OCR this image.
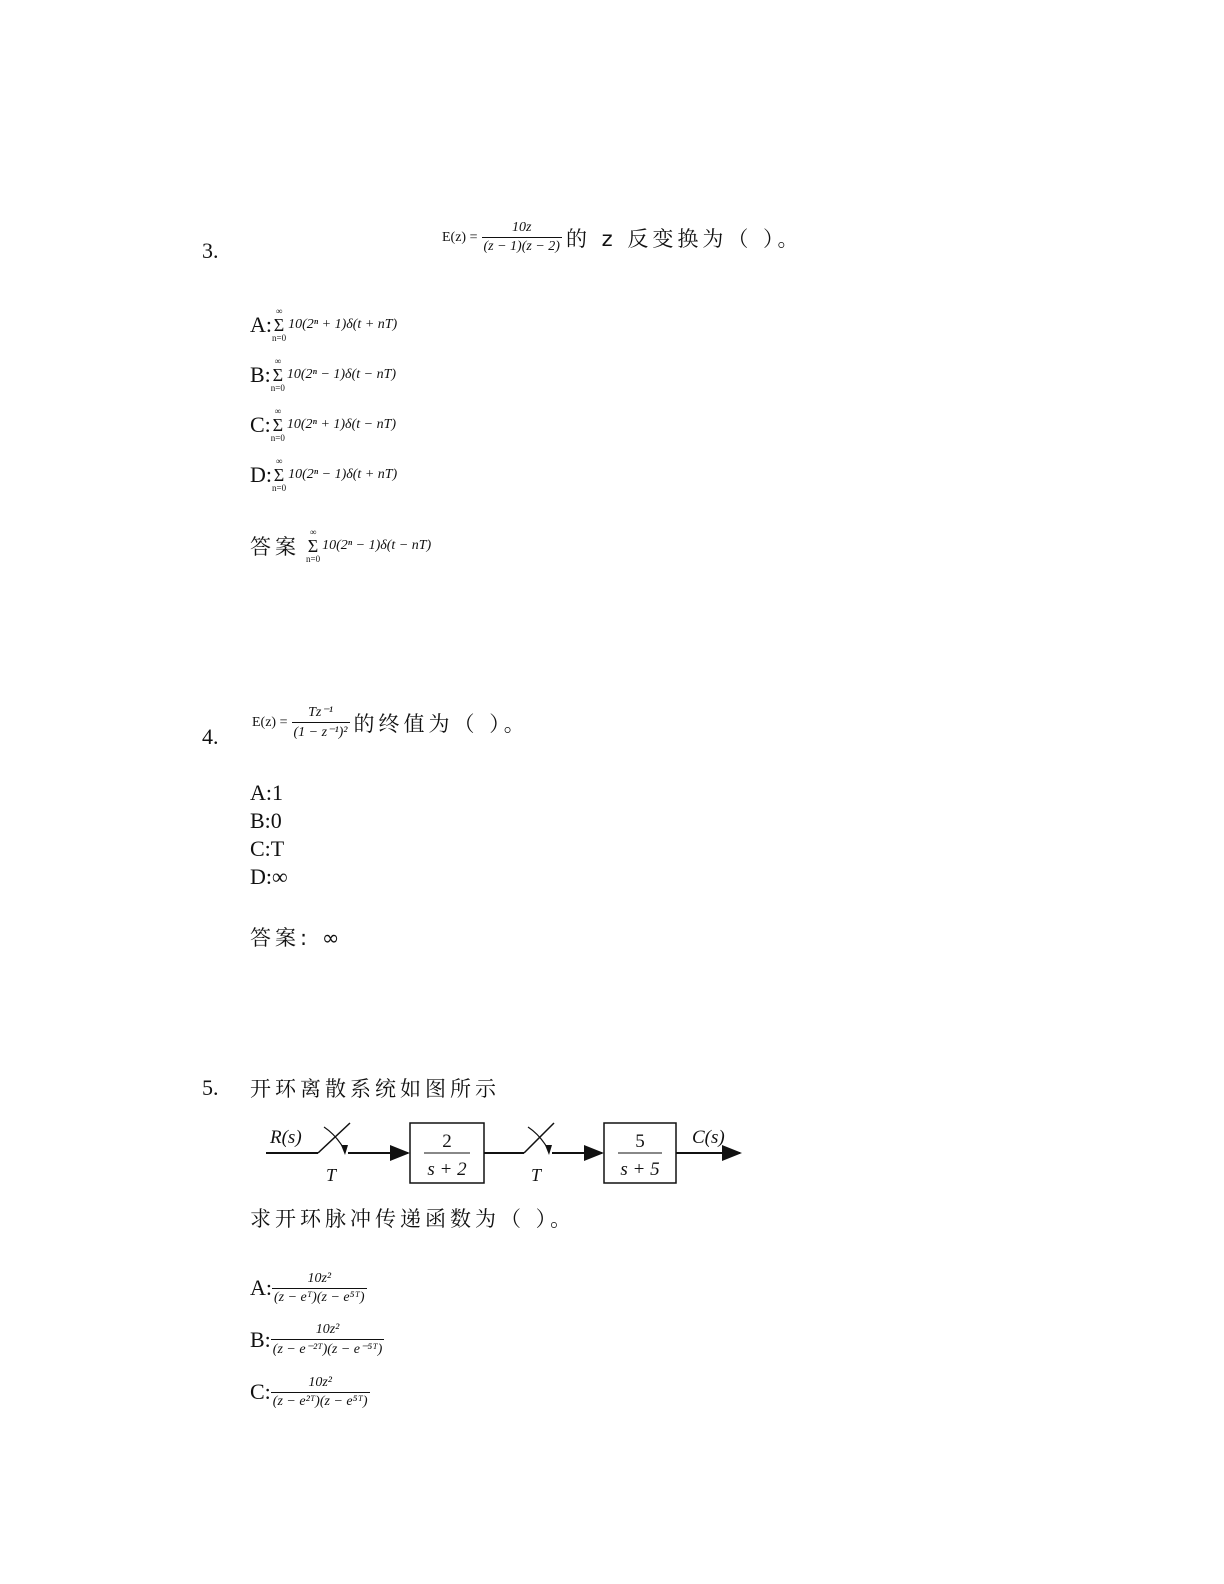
3.
$E(z) = \frac{10z}{(z - 1)(z - 2)}$ 的 z 反变换为（ ）。
A:
∞
Σ
n=0
10(2ⁿ + 1)δ(t + nT)
B:
∞
Σ
n=0
10(2ⁿ − 1)δ(t − nT)
C:
∞
Σ
n=0
10(2ⁿ + 1)δ(t − nT)
D:
∞
Σ
n=0
10(2ⁿ − 1)δ(t + nT)
答案
∞
Σ
n=0
10(2ⁿ − 1)δ(t − nT)
4.
$E(z) = \frac{\text{Tz⁻¹}}{\text{(1 − z⁻¹)²}}$ 的终值为（ ）。
A:1
B:0
C:T
D:∞
答案: ∞
5. 开环离散系统如图所示
R(s)
T
2
s + 2	T
5
s + 5
C(s)
求开环脉冲传递函数为（ ）。
A: $\frac{\text{10z²}}{\text{(z − eᵀ)(z − e⁵ᵀ)}}$
B: $\frac{\text{10z²}}{\text{(z − e⁻²ᵀ)(z − e⁻⁵ᵀ)}}$
C: $\frac{\text{10z²}}{\text{(z − e²ᵀ)(z − e⁵ᵀ)}}$
